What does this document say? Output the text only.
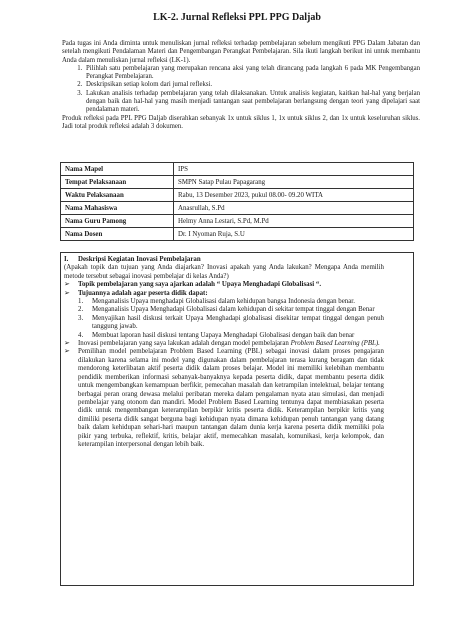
LK-2. Jurnal Refleksi PPL PPG Daljab

Pada tugas ini Anda diminta untuk menuliskan jurnal refleksi terhadap pembelajaran sebelum mengikuti PPG Dalam Jabatan dan setelah mengikuti Pendalaman Materi dan Pengembangan Perangkat Pembelajaran. Sila ikuti langkah berikut ini untuk membantu Anda dalam menuliskan jurnal refleksi (LK-1).

1. Pilihlah satu pembelajaran yang merupakan rencana aksi yang telah dirancang pada langkah 6 pada MK Pengembangan Perangkat Pembelajaran.
2. Deskripsikan setiap kolom dari jurnal refleksi.
3. Lakukan analisis terhadap pembelajaran yang telah dilaksanakan. Untuk analisis kegiatan, kaitkan hal-hal yang berjalan dengan baik dan hal-hal yang masih menjadi tantangan saat pembelajaran berlangsung dengan teori yang dipelajari saat pendalaman materi.

Produk refleksi pada PPL PPG Daljab diserahkan sebanyak 1x untuk siklus 1, 1x untuk siklus 2, dan 1x untuk keseluruhan siklus. Jadi total produk refleksi adalah 3 dokumen.

Nama Mapel	IPS
Tempat Pelaksanaan	SMPN Satap Pulau Papagarang
Waktu Pelaksanaan	Rabu, 13 Desember 2023, pukul 08.00- 09.20 WITA
Nama Mahasiswa	Anasrullah, S.Pd
Nama Guru Pamong	Helmy Anna Lestari, S.Pd, M.Pd
Nama Dosen	Dr. I Nyoman Ruja, S.U
I.	Deskripsi Kegiatan Inovasi Pembelajaran

(Apakah topik dan tujuan yang Anda diajarkan? Inovasi apakah yang Anda lakukan? Mengapa Anda memilih metode tersebut sebagai inovasi pembelajar di kelas Anda?)

➢	Topik pembelajaran yang saya ajarkan adalah “ Upaya Menghadapi Globalisasi “.
➢	Tujuannya adalah agar peserta didik dapat:
1.	Menganalisis Upaya menghadapi Globalisasi dalam kehidupan bangsa Indonesia dengan benar.
2.	Menganalisis Upaya Menghadapi Globalisasi dalam kehidupan di sekitar tempat tinggal dengan Benar
3.	Menyajikan hasil diskusi terkait Upaya Menghadapi globalisasi disekitar tempat tinggal dengan penuh tanggung jawab.
4.	Membuat laporan hasil diskusi tentang Uapaya Menghadapi Globalisasi dengan baik dan benar
➢	Inovasi pembelajaran yang saya lakukan adalah dengan model pembelajaran Problem Based Learning (PBL).
➢	Pemilihan model pembelajaran Problem Based Learning (PBL) sebagai inovasi dalam proses pengajaran dilakukan karena selama ini model yang digunakan dalam pembelajaran terasa kurang beragam dan tidak mendorong keterlibatan aktif peserta didik dalam proses belajar. Model ini memiliki kelebihan membantu pendidik memberikan informasi sebanyak-banyaknya kepada peserta didik, dapat membantu peserta didik untuk mengembangkan kemampuan berfikir, pemecahan masalah dan ketrampilan intelektual, belajar tentang berbagai peran orang dewasa melalui peribatan mereka dalam pengalaman nyata atau simulasi, dan menjadi pembelajar yang otonom dan mandiri. Model Problem Based Learning tentunya dapat membiasakan peserta didik untuk mengembangan keterampilan berpikir kritis peserta didik. Keterampilan berpikir kritis yang dimiliki peserta didik sangat berguna bagi kehidupan nyata dimana kehidupan penuh tantangan yang datang baik dalam kehidupan sehari-hari maupun tantangan dalam dunia kerja karena peserta didik memiliki pola pikir yang terbuka, reflektif, kritis, belajar aktif, memecahkan masalah, komunikasi, kerja kelompok, dan keterampilan interpersonal dengan lebih baik.
